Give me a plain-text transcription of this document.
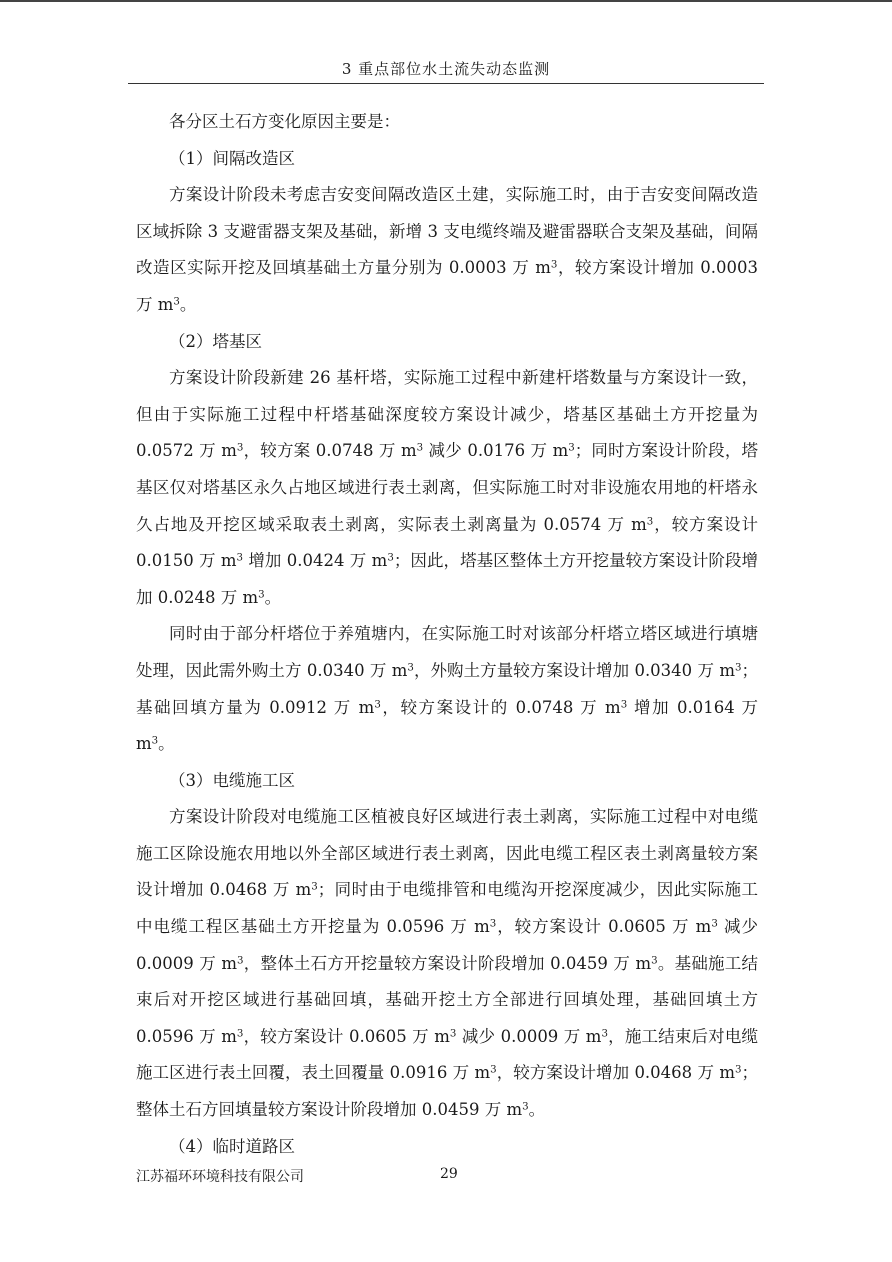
3 重点部位水土流失动态监测

各分区土石方变化原因主要是：

（1）间隔改造区

方案设计阶段未考虑吉安变间隔改造区土建，实际施工时，由于吉安变间隔改造区域拆除 3 支避雷器支架及基础，新增 3 支电缆终端及避雷器联合支架及基础，间隔改造区实际开挖及回填基础土方量分别为 0.0003 万 $m^3$，较方案设计增加 0.0003 万 $m^3$。

（2）塔基区

方案设计阶段新建 26 基杆塔，实际施工过程中新建杆塔数量与方案设计一致，但由于实际施工过程中杆塔基础深度较方案设计减少，塔基区基础土方开挖量为 0.0572 万 $m^3$，较方案 0.0748 万 $m^3$ 减少 0.0176 万 $m^3$；同时方案设计阶段，塔基区仅对塔基区永久占地区域进行表土剥离，但实际施工时对非设施农用地的杆塔永久占地及开挖区域采取表土剥离，实际表土剥离量为 0.0574 万 $m^3$，较方案设计 0.0150 万 $m^3$ 增加 0.0424 万 $m^3$；因此，塔基区整体土方开挖量较方案设计阶段增加 0.0248 万 $m^3$。

同时由于部分杆塔位于养殖塘内，在实际施工时对该部分杆塔立塔区域进行填塘处理，因此需外购土方 0.0340 万 $m^3$，外购土方量较方案设计增加 0.0340 万 $m^3$；基础回填方量为 0.0912 万 $m^3$，较方案设计的 0.0748 万 $m^3$ 增加 0.0164 万 $m^3$。

（3）电缆施工区

方案设计阶段对电缆施工区植被良好区域进行表土剥离，实际施工过程中对电缆施工区除设施农用地以外全部区域进行表土剥离，因此电缆工程区表土剥离量较方案设计增加 0.0468 万 $m^3$；同时由于电缆排管和电缆沟开挖深度减少，因此实际施工中电缆工程区基础土方开挖量为 0.0596 万 $m^3$，较方案设计 0.0605 万 $m^3$ 减少 0.0009 万 $m^3$，整体土石方开挖量较方案设计阶段增加 0.0459 万 $m^3$。基础施工结束后对开挖区域进行基础回填，基础开挖土方全部进行回填处理，基础回填土方 0.0596 万 $m^3$，较方案设计 0.0605 万 $m^3$ 减少 0.0009 万 $m^3$，施工结束后对电缆施工区进行表土回覆，表土回覆量 0.0916 万 $m^3$，较方案设计增加 0.0468 万 $m^3$；整体土石方回填量较方案设计阶段增加 0.0459 万 $m^3$。

（4）临时道路区

江苏福环环境科技有限公司	29
